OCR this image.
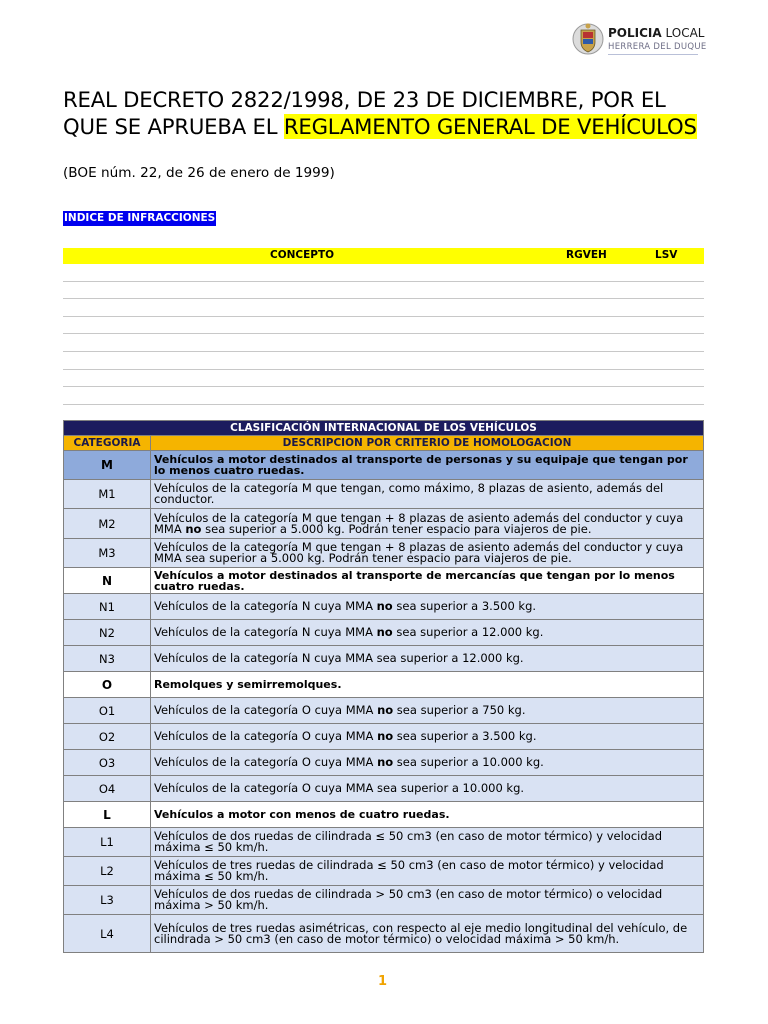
POLICIA LOCAL
HERRERA DEL DUQUE
REAL DECRETO 2822/1998, DE 23 DE DICIEMBRE, POR EL QUE SE APRUEBA EL REGLAMENTO GENERAL DE VEHÍCULOS
(BOE núm. 22, de 26 de enero de 1999)
INDICE DE INFRACCIONES
CONCEPTO	RGVEH	LSV
CLASIFICACIÓN INTERNACIONAL DE LOS VEHÍCULOS	
CATEGORIA	DESCRIPCION POR CRITERIO DE HOMOLOGACION
M	Vehículos a motor destinados al transporte de personas y su equipaje que tengan por lo menos cuatro ruedas.
M1	Vehículos de la categoría M que tengan, como máximo, 8 plazas de asiento, además del conductor.
M2	Vehículos de la categoría M que tengan + 8 plazas de asiento además del conductor y cuya MMA no sea superior a 5.000 kg. Podrán tener espacio para viajeros de pie.
M3	Vehículos de la categoría M que tengan + 8 plazas de asiento además del conductor y cuya MMA sea superior a 5.000 kg. Podrán tener espacio para viajeros de pie.
N	Vehículos a motor destinados al transporte de mercancías que tengan por lo menos cuatro ruedas.
N1	Vehículos de la categoría N cuya MMA no sea superior a 3.500 kg.
N2	Vehículos de la categoría N cuya MMA no sea superior a 12.000 kg.
N3	Vehículos de la categoría N cuya MMA sea superior a 12.000 kg.
O	Remolques y semirremolques.
O1	Vehículos de la categoría O cuya MMA no sea superior a 750 kg.
O2	Vehículos de la categoría O cuya MMA no sea superior a 3.500 kg.
O3	Vehículos de la categoría O cuya MMA no sea superior a 10.000 kg.
O4	Vehículos de la categoría O cuya MMA sea superior a 10.000 kg.
L	Vehículos a motor con menos de cuatro ruedas.
L1	Vehículos de dos ruedas de cilindrada ≤ 50 cm3 (en caso de motor térmico) y velocidad máxima ≤ 50 km/h.
L2	Vehículos de tres ruedas de cilindrada ≤ 50 cm3 (en caso de motor térmico) y velocidad máxima ≤ 50 km/h.
L3	Vehículos de dos ruedas de cilindrada > 50 cm3 (en caso de motor térmico) o velocidad máxima > 50 km/h.
L4	Vehículos de tres ruedas asimétricas, con respecto al eje medio longitudinal del vehículo, de cilindrada > 50 cm3 (en caso de motor térmico) o velocidad máxima > 50 km/h.
1
